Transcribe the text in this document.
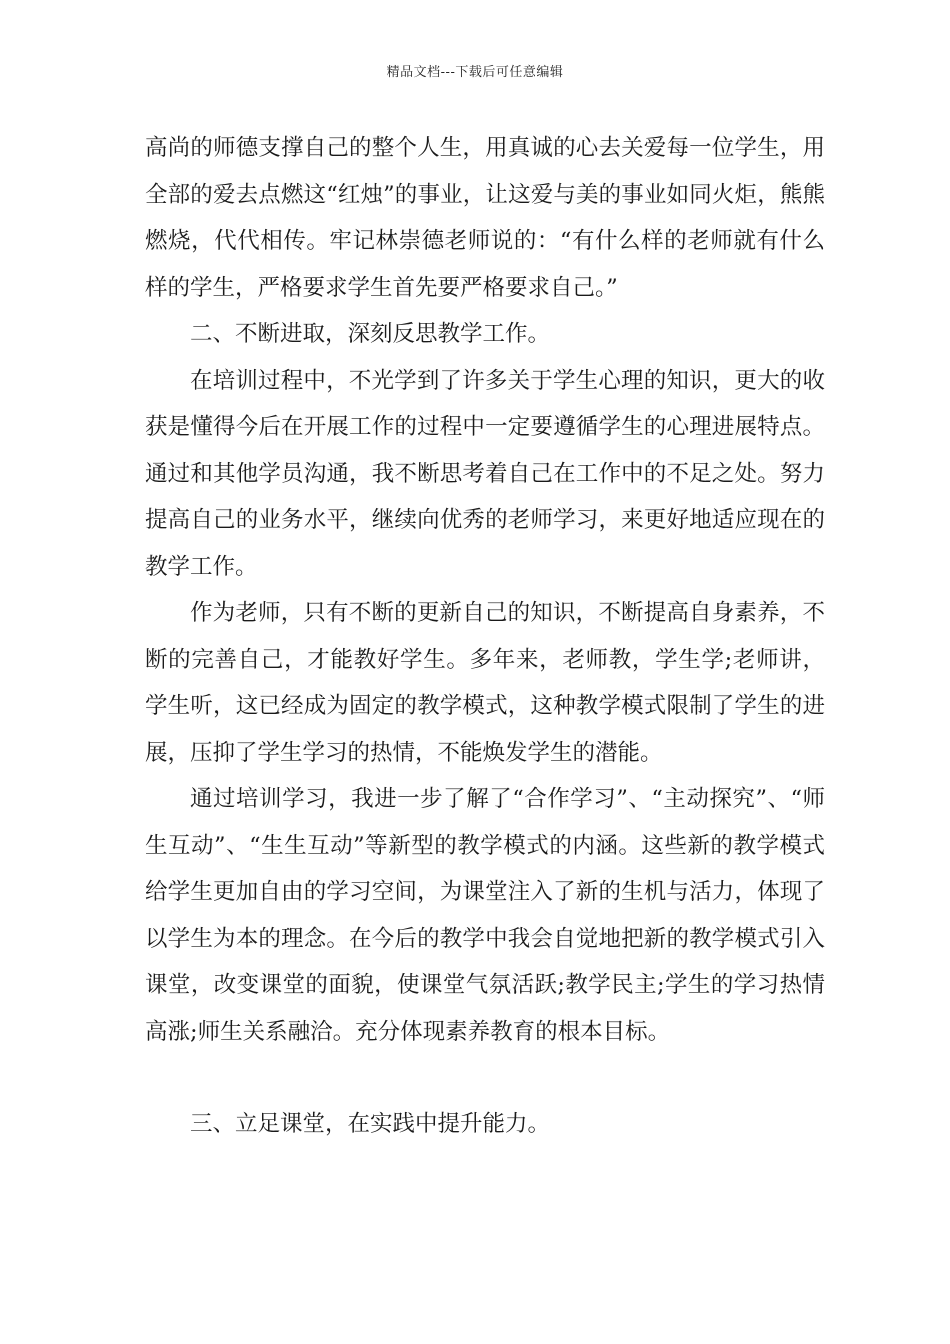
精品文档---下载后可任意编辑

高尚的师德支撑自己的整个人生，用真诚的心去关爱每一位学生，用全部的爱去点燃这“红烛”的事业，让这爱与美的事业如同火炬，熊熊燃烧，代代相传。牢记林崇德老师说的：“有什么样的老师就有什么样的学生，严格要求学生首先要严格要求自己。”

二、不断进取，深刻反思教学工作。

在培训过程中，不光学到了许多关于学生心理的知识，更大的收获是懂得今后在开展工作的过程中一定要遵循学生的心理进展特点。通过和其他学员沟通，我不断思考着自己在工作中的不足之处。努力提高自己的业务水平，继续向优秀的老师学习，来更好地适应现在的教学工作。

作为老师，只有不断的更新自己的知识，不断提高自身素养，不断的完善自己，才能教好学生。多年来，老师教，学生学;老师讲，学生听，这已经成为固定的教学模式，这种教学模式限制了学生的进展，压抑了学生学习的热情，不能焕发学生的潜能。

通过培训学习，我进一步了解了“合作学习”、“主动探究”、“师生互动”、“生生互动”等新型的教学模式的内涵。这些新的教学模式给学生更加自由的学习空间，为课堂注入了新的生机与活力，体现了以学生为本的理念。在今后的教学中我会自觉地把新的教学模式引入课堂，改变课堂的面貌，使课堂气氛活跃;教学民主;学生的学习热情高涨;师生关系融洽。充分体现素养教育的根本目标。

三、立足课堂，在实践中提升能力。
